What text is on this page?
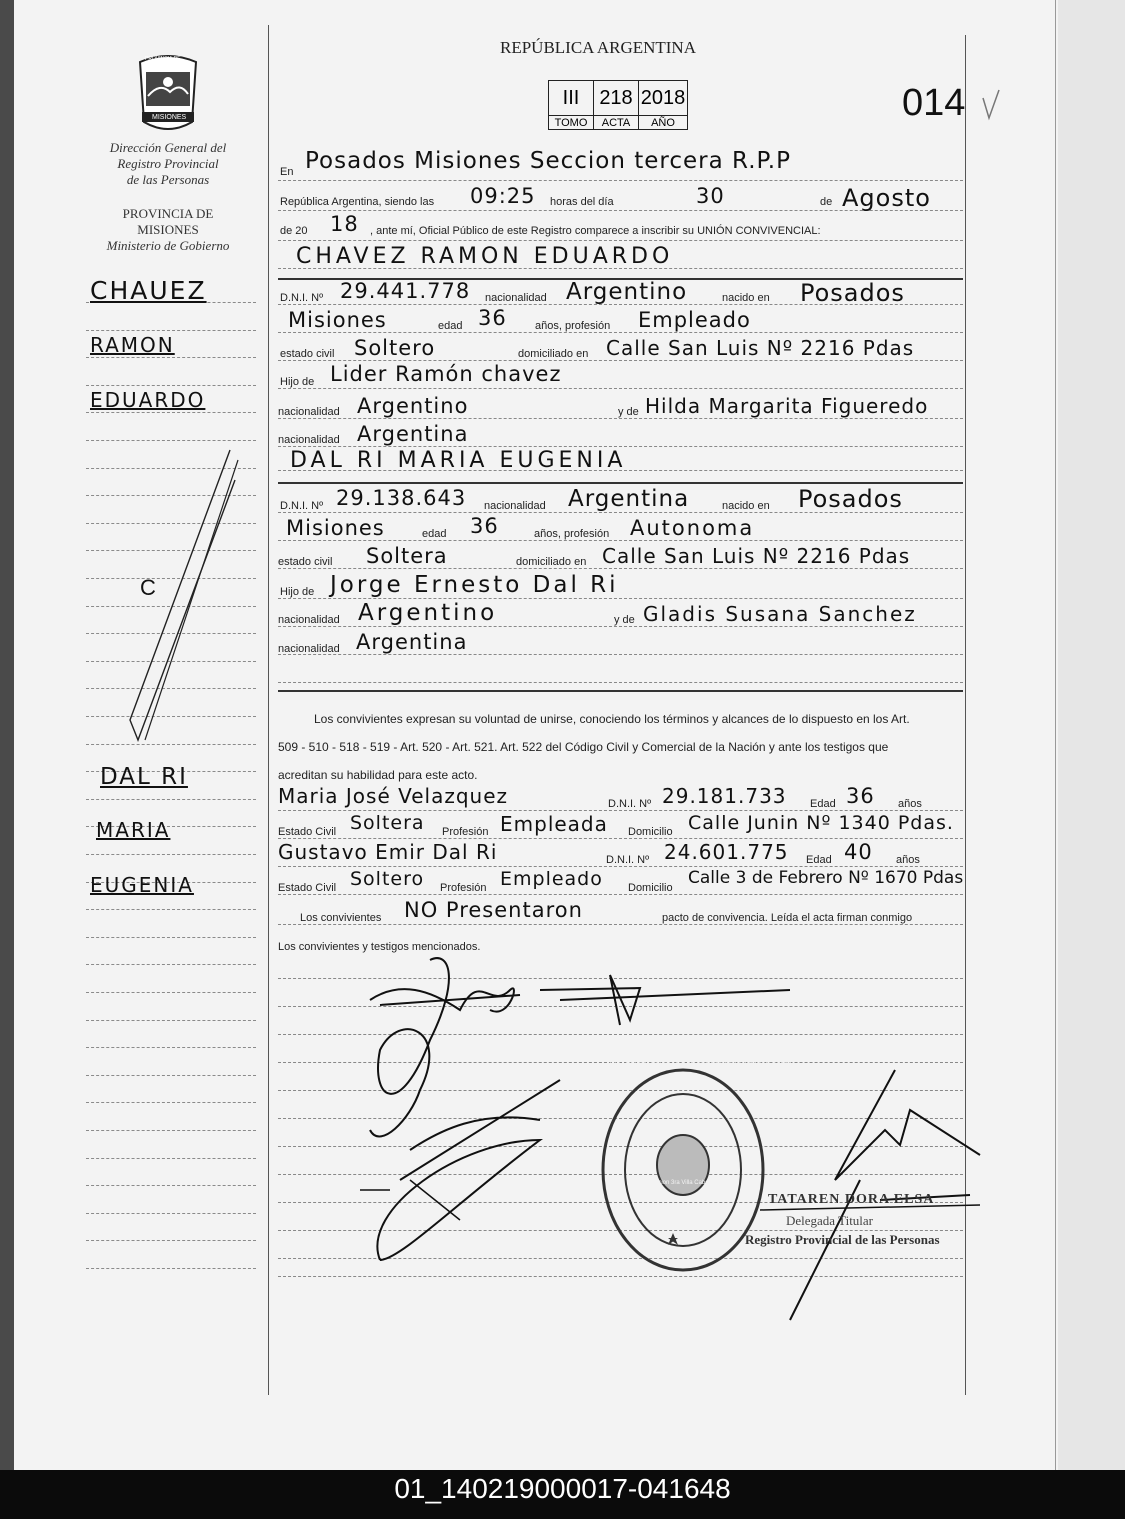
REPÚBLICA ARGENTINA
III	218	2018
TOMO	ACTA	AÑO	014
PROVINCIA DE
MISIONES
Dirección General del
Registro Provincial
de las Personas
PROVINCIA DE
MISIONES
Ministerio de Gobierno
CHAUEZ
RAMON
EDUARDO
DAL RI
MARIA
EUGENIA
C
En Posados Misiones Seccion tercera R.P.P
República Argentina, siendo las 09:25 horas del día	30	de Agosto
de 20 18 , ante mí, Oficial Público de este Registro comparece a inscribir su UNIÓN CONVIVENCIAL:
CHAVEZ RAMON EDUARDO
D.N.I. Nº 29.441.778 nacionalidad Argentino	nacido en Posados
Misiones	edad 36	años, profesión Empleado
estado civil Soltero	domiciliado en Calle San Luis Nº 2216 Pdas
Hijo de Lider Ramón chavez
nacionalidad Argentino	y de Hilda Margarita Figueredo
nacionalidad Argentina
DAL RI MARIA EUGENIA
D.N.I. Nº 29.138.643 nacionalidad Argentina	nacido en Posados
Misiones	edad 36	años, profesión Autonoma
estado civil Soltera	domiciliado en Calle San Luis Nº 2216 Pdas
Hijo de Jorge Ernesto Dal Ri
nacionalidad Argentino	y de Gladis Susana Sanchez
nacionalidad Argentina
Los convivientes expresan su voluntad de unirse, conociendo los términos y alcances de lo dispuesto en los Art.
509 - 510 - 518 - 519 - Art. 520 - Art. 521. Art. 522 del Código Civil y Comercial de la Nación y ante los testigos que
acreditan su habilidad para este acto.
Maria José Velazquez	D.N.I. Nº 29.181.733 Edad 36 años
Estado Civil Soltera Profesión Empleada Domicilio Calle Junin Nº 1340 Pdas.
Gustavo Emir Dal Ri	D.N.I. Nº 24.601.775 Edad 40 años
Estado Civil Soltero Profesión Empleado Domicilio Calle 3 de Febrero Nº 1670 Pdas
Los convivientes NO Presentaron	pacto de convivencia. Leída el acta firman conmigo
Los convivientes y testigos mencionados.
DELEGACION DEL REGISTRO PROVINCIAL DE LAS PERSONAS
Seccion 3ra Villa Cabello
TATAREN DORA ELSA
Delegada Titular
Registro Provincial de las Personas
01_140219000017-041648
